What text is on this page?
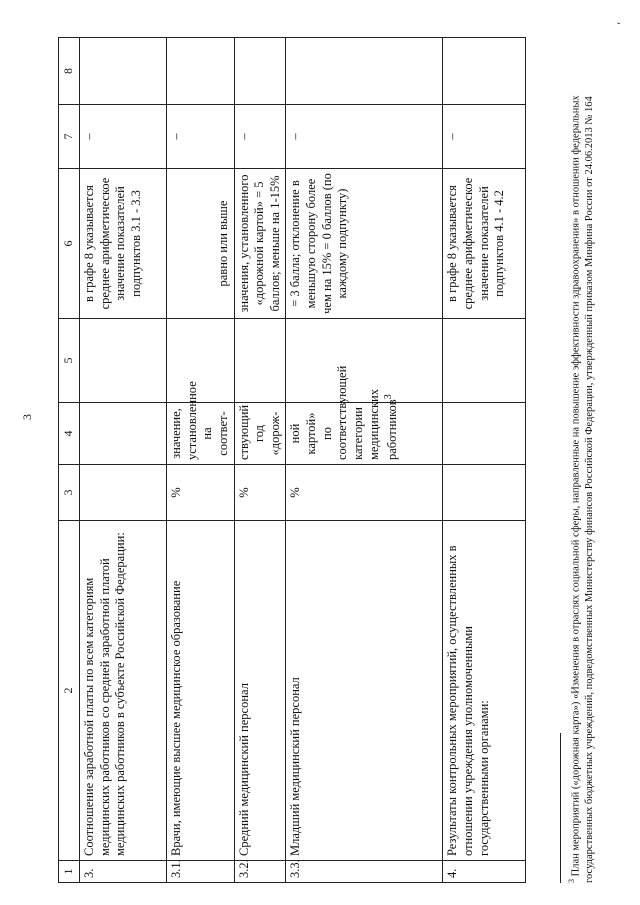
3
ˇ
1	2	3	4	5	6	7	8
3.	Соотношение заработной платы по всем категориям медицинских работников со средней заработной платой медицинских работников в субъекте Российской Федерации:				в графе 8 указывается среднее арифметическое значение показателей подпунктов 3.1 - 3.3	–	
3.1.	Врачи, имеющие высшее медицинское образование	%	значение, установленное на соответ-		равно или выше	–	
3.2.	Средний медицинский персонал	%	ствующий год «дорож-		значения, установленного «дорожной картой» = 5 баллов; меньше на 1-15%	–	
3.3.	Младший медицинский персонал	%	ной картой» по соответствующей категории медицинских работников$^3$		= 3 балла; отклонение в меньшую сторону более чем на 15% = 0 баллов (по каждому подпункту)	–	
4.	Результаты контрольных мероприятий, осуществленных в отношении учреждения уполномоченными государственными органами:				в графе 8 указывается среднее арифметическое значение показателей подпунктов 4.1 - 4.2	–	
$^3$ План мероприятий («дорожная карта») «Изменения в отраслях социальной сферы, направленные на повышение эффективности здравоохранения» в отношении федеральных государственных бюджетных учреждений, подведомственных Министерству финансов Российской Федерации, утвержденный приказом Минфина России от 24.06.2013 № 164
